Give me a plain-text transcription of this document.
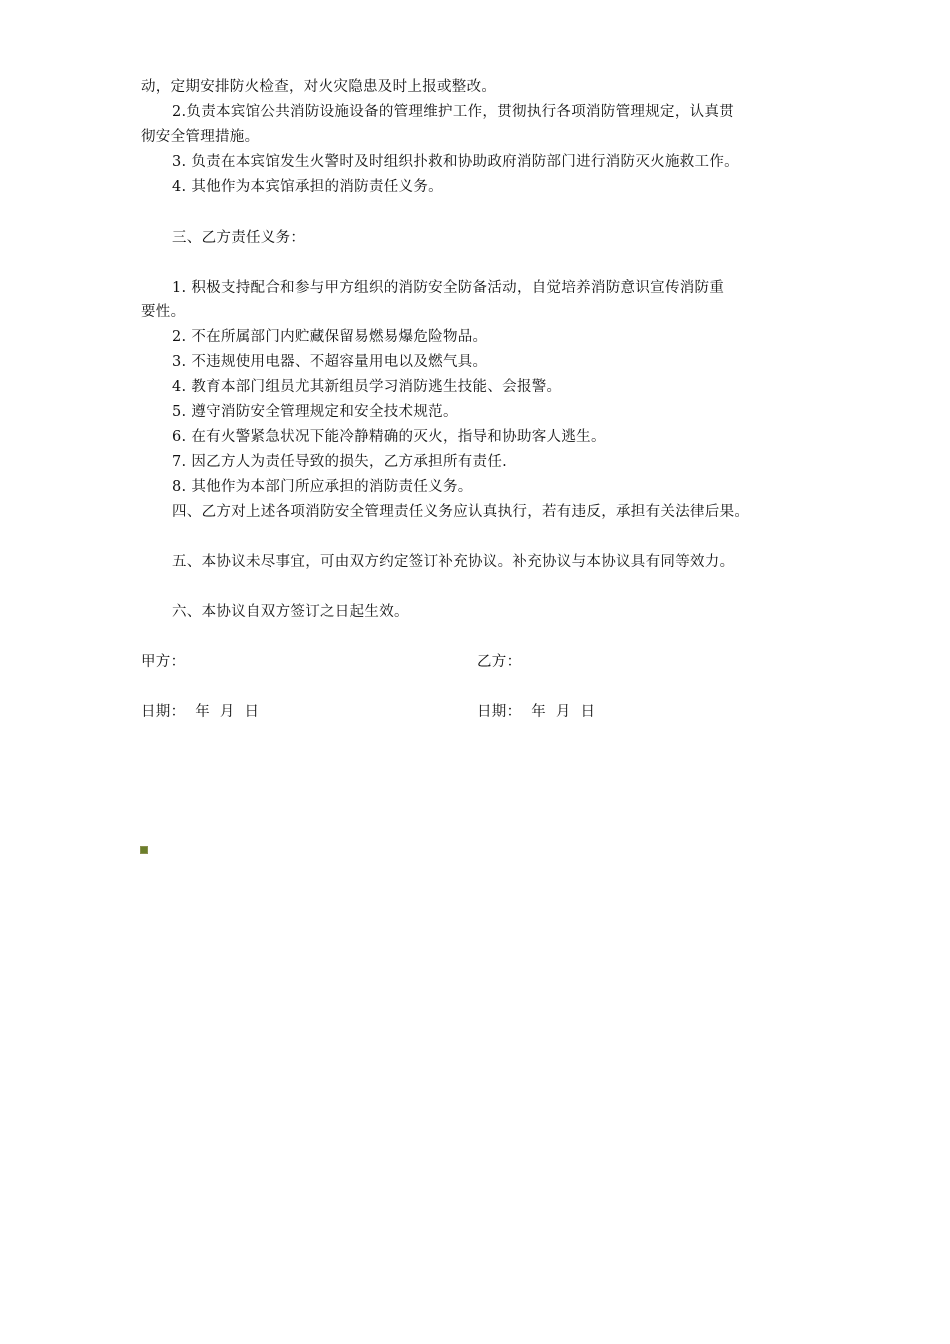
动，定期安排防火检查，对火灾隐患及时上报或整改。
2.负责本宾馆公共消防设施设备的管理维护工作，贯彻执行各项消防管理规定，认真贯
彻安全管理措施。
3. 负责在本宾馆发生火警时及时组织扑救和协助政府消防部门进行消防灭火施救工作。
4. 其他作为本宾馆承担的消防责任义务。
三、乙方责任义务：
1. 积极支持配合和参与甲方组织的消防安全防备活动，自觉培养消防意识宣传消防重
要性。
2. 不在所属部门内贮藏保留易燃易爆危险物品。
3. 不违规使用电器、不超容量用电以及燃气具。
4. 教育本部门组员尤其新组员学习消防逃生技能、会报警。
5. 遵守消防安全管理规定和安全技术规范。
6. 在有火警紧急状况下能冷静精确的灭火，指导和协助客人逃生。
7. 因乙方人为责任导致的损失，乙方承担所有责任.
8. 其他作为本部门所应承担的消防责任义务。
四、乙方对上述各项消防安全管理责任义务应认真执行，若有违反，承担有关法律后果。
五、本协议未尽事宜，可由双方约定签订补充协议。补充协议与本协议具有同等效力。
六、本协议自双方签订之日起生效。
甲方：	乙方：
日期：  年  月  日	日期：  年  月  日
